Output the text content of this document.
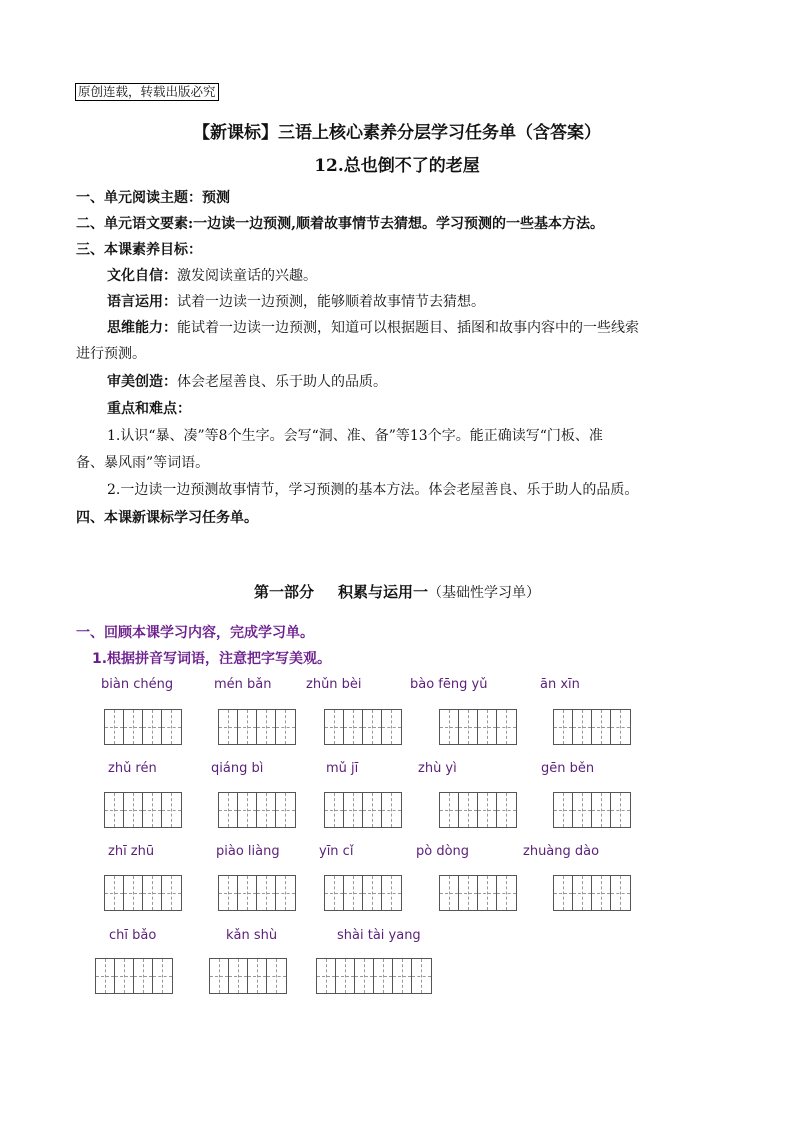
原创连载，转载出版必究
【新课标】三语上核心素养分层学习任务单（含答案）
12.总也倒不了的老屋
一、单元阅读主题：预测
二、单元语文要素:一边读一边预测,顺着故事情节去猜想。学习预测的一些基本方法。
三、本课素养目标：
文化自信：激发阅读童话的兴趣。
语言运用：试着一边读一边预测，能够顺着故事情节去猜想。
思维能力：能试着一边读一边预测，知道可以根据题目、插图和故事内容中的一些线索
进行预测。
审美创造：体会老屋善良、乐于助人的品质。
重点和难点：
1.认识“暴、凑”等8个生字。会写“洞、准、备”等13个字。能正确读写“门板、准
备、暴风雨”等词语。
2.一边读一边预测故事情节，学习预测的基本方法。体会老屋善良、乐于助人的品质。
四、本课新课标学习任务单。
第一部分 积累与运用一（基础性学习单）
一、回顾本课学习内容，完成学习单。
1.根据拼音写词语，注意把字写美观。
biàn chéng	mén bǎn	zhǔn bèi	bào fēng yǔ	ān xīn
zhǔ rén	qiáng bì	mǔ jī	zhù yì	gēn běn
zhī zhū	piào liàng	yīn cǐ	pò dòng	zhuàng dào
chī bǎo	kǎn shù	shài tài yang
